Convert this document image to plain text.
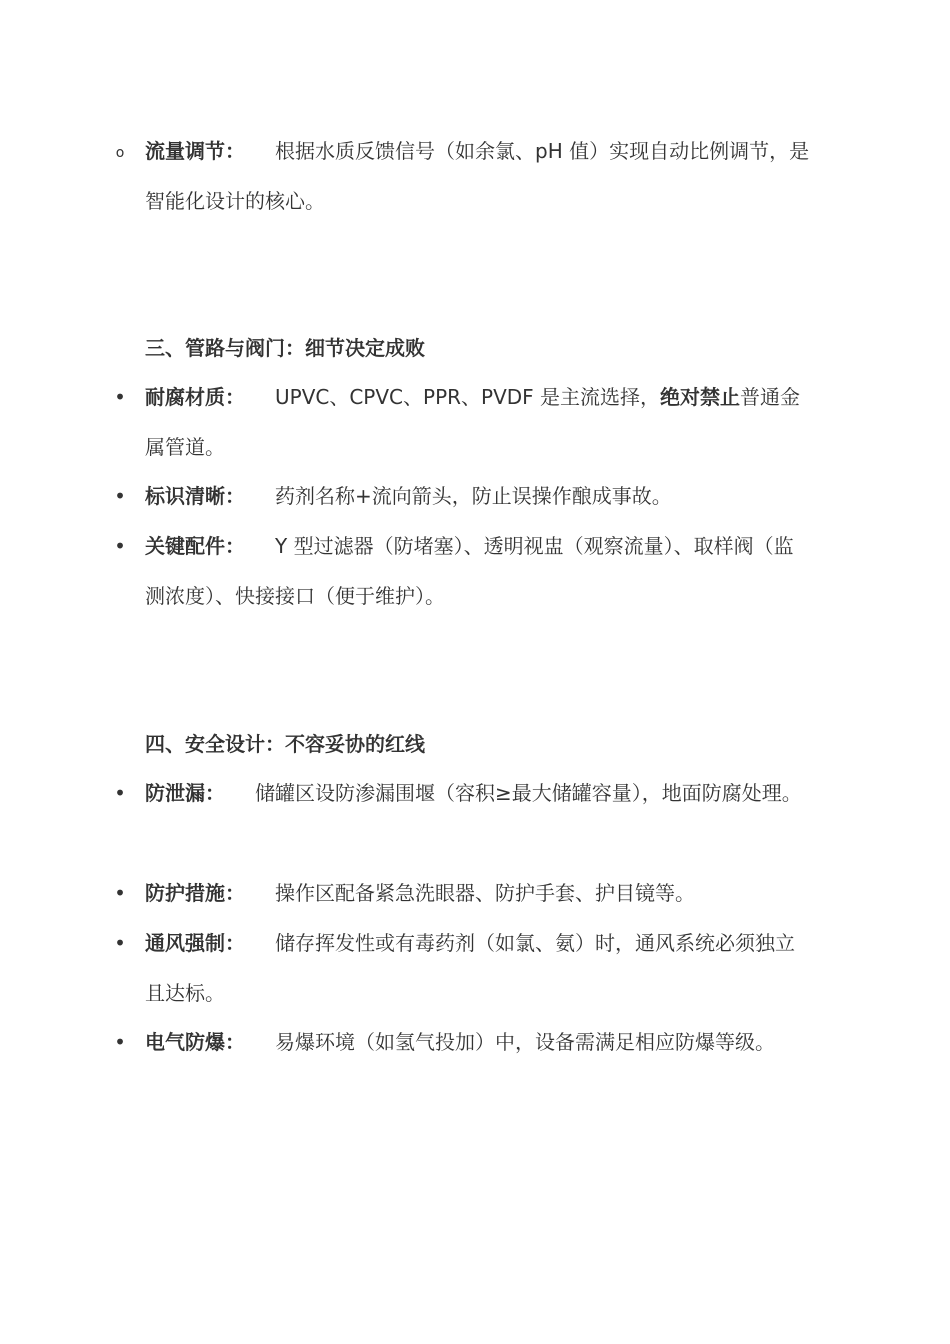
o 流量调节： 根据水质反馈信号（如余氯、pH 值）实现自动比例调节，是智能化设计的核心。
三、管路与阀门：细节决定成败
• 耐腐材质： UPVC、CPVC、PPR、PVDF 是主流选择，绝对禁止普通金属管道。
• 标识清晰： 药剂名称+流向箭头，防止误操作酿成事故。
• 关键配件： Y 型过滤器（防堵塞）、透明视盅（观察流量）、取样阀（监测浓度）、快接接口（便于维护）。
四、安全设计：不容妥协的红线
• 防泄漏： 储罐区设防渗漏围堰（容积≥最大储罐容量），地面防腐处理。
• 防护措施： 操作区配备紧急洗眼器、防护手套、护目镜等。
• 通风强制： 储存挥发性或有毒药剂（如氯、氨）时，通风系统必须独立且达标。
• 电气防爆： 易爆环境（如氢气投加）中，设备需满足相应防爆等级。
